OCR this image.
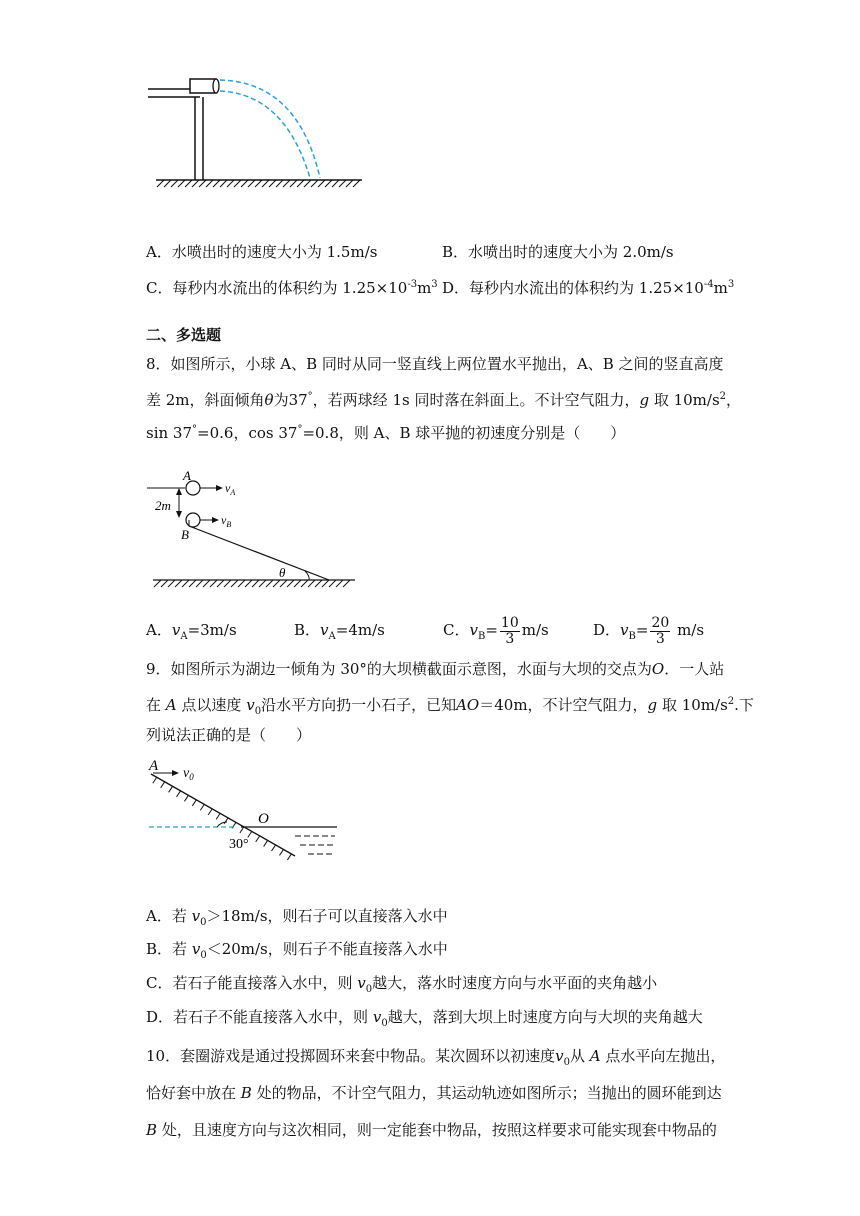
A．水喷出时的速度大小为 1.5m/s	B．水喷出时的速度大小为 2.0m/s
C．每秒内水流出的体积约为 $1.25\times 10^{-3}m^3$ D．每秒内水流出的体积约为 $1.25\times 10^{-4}m^3$
二、多选题
8．如图所示，小球 A、B 同时从同一竖直线上两位置水平抛出，A、B 之间的竖直高度
差 2m，斜面倾角θ为37°，若两球经 1s 同时落在斜面上。不计空气阻力，g 取 $10m/s^2$，
sin 37°=0.6，cos 37°=0.8，则 A、B 球平抛的初速度分别是（　　）
A
B
$v_A$
$v_B$
2m
θ
A．$v_A=3m/s$	B．$v_A=4m/s$	C．$v_B= \frac{10}{3} m/s$	D．$v_B= \frac{20}{3} m/s$
9．如图所示为湖边一倾角为 30°的大坝横截面示意图，水面与大坝的交点为O．一人站
在 A 点以速度 $v_0$沿水平方向扔一小石子，已知AO＝40m，不计空气阻力，g 取 $10m/s^2$.下
列说法正确的是（　　）
A $v_0$
O
30°
A．若 $v_0>18m/s$，则石子可以直接落入水中
B．若 $v_0<20m/s$，则石子不能直接落入水中
C．若石子能直接落入水中，则 $v_0$越大，落水时速度方向与水平面的夹角越小
D．若石子不能直接落入水中，则 $v_0$越大，落到大坝上时速度方向与大坝的夹角越大
10．套圈游戏是通过投掷圆环来套中物品。某次圆环以初速度$v_0$从 A 点水平向左抛出，
恰好套中放在 B 处的物品，不计空气阻力，其运动轨迹如图所示；当抛出的圆环能到达
B 处，且速度方向与这次相同，则一定能套中物品，按照这样要求可能实现套中物品的
